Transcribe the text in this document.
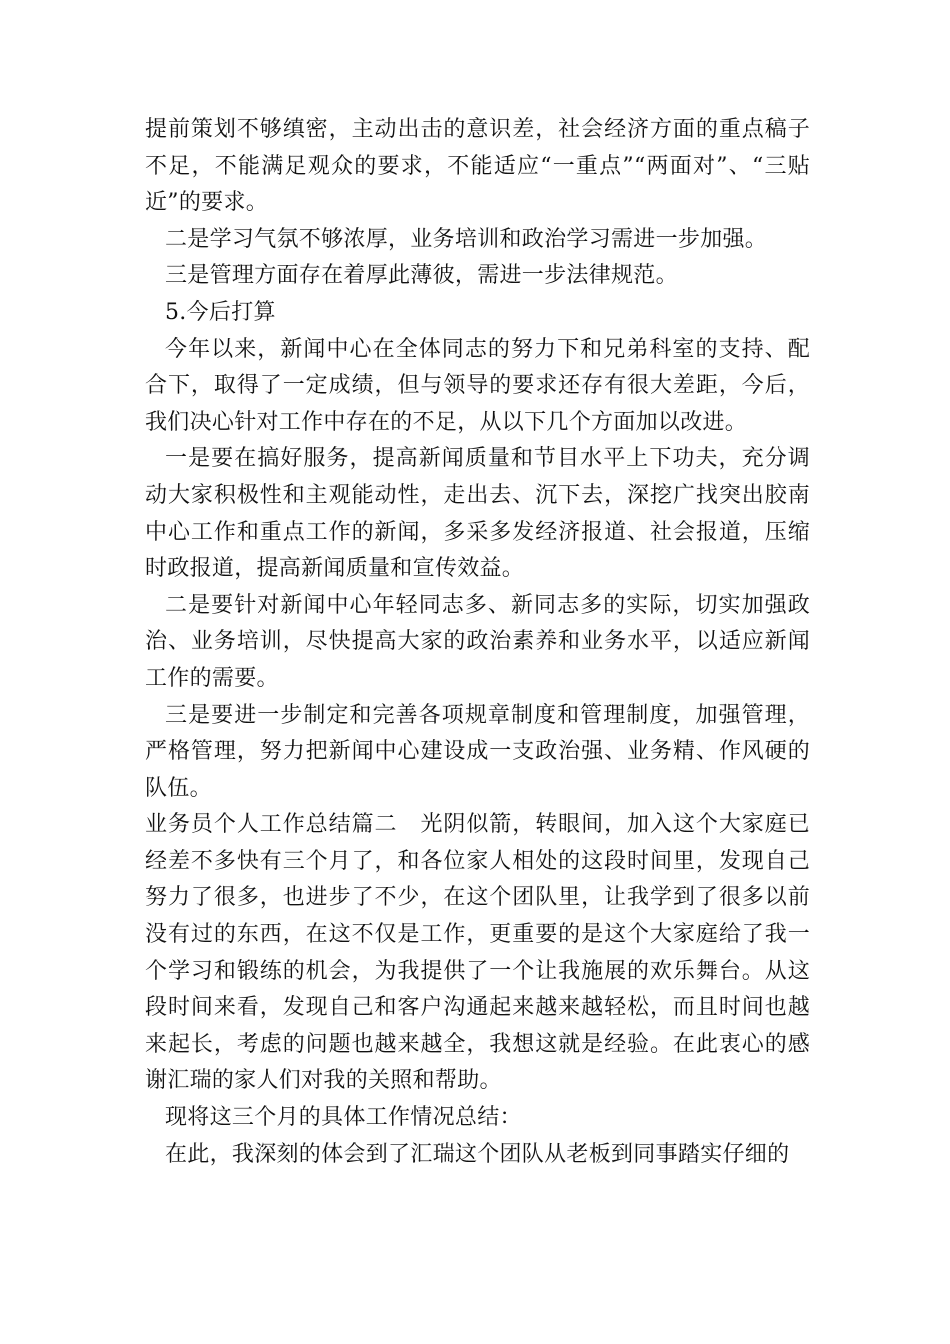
提前策划不够缜密，主动出击的意识差，社会经济方面的重点稿子不足，不能满足观众的要求，不能适应“一重点”“两面对”、“三贴近”的要求。

二是学习气氛不够浓厚，业务培训和政治学习需进一步加强。

三是管理方面存在着厚此薄彼，需进一步法律规范。

5.今后打算

今年以来，新闻中心在全体同志的努力下和兄弟科室的支持、配合下，取得了一定成绩，但与领导的要求还存有很大差距，今后，我们决心针对工作中存在的不足，从以下几个方面加以改进。

一是要在搞好服务，提高新闻质量和节目水平上下功夫，充分调动大家积极性和主观能动性，走出去、沉下去，深挖广找突出胶南中心工作和重点工作的新闻，多采多发经济报道、社会报道，压缩时政报道，提高新闻质量和宣传效益。

二是要针对新闻中心年轻同志多、新同志多的实际，切实加强政治、业务培训，尽快提高大家的政治素养和业务水平，以适应新闻工作的需要。

三是要进一步制定和完善各项规章制度和管理制度，加强管理，严格管理，努力把新闻中心建设成一支政治强、业务精、作风硬的队伍。

业务员个人工作总结篇二　光阴似箭，转眼间，加入这个大家庭已经差不多快有三个月了，和各位家人相处的这段时间里，发现自己努力了很多，也进步了不少，在这个团队里，让我学到了很多以前没有过的东西，在这不仅是工作，更重要的是这个大家庭给了我一个学习和锻练的机会，为我提供了一个让我施展的欢乐舞台。从这段时间来看，发现自己和客户沟通起来越来越轻松，而且时间也越来起长，考虑的问题也越来越全，我想这就是经验。在此衷心的感谢汇瑞的家人们对我的关照和帮助。

现将这三个月的具体工作情况总结：

在此，我深刻的体会到了汇瑞这个团队从老板到同事踏实仔细的
